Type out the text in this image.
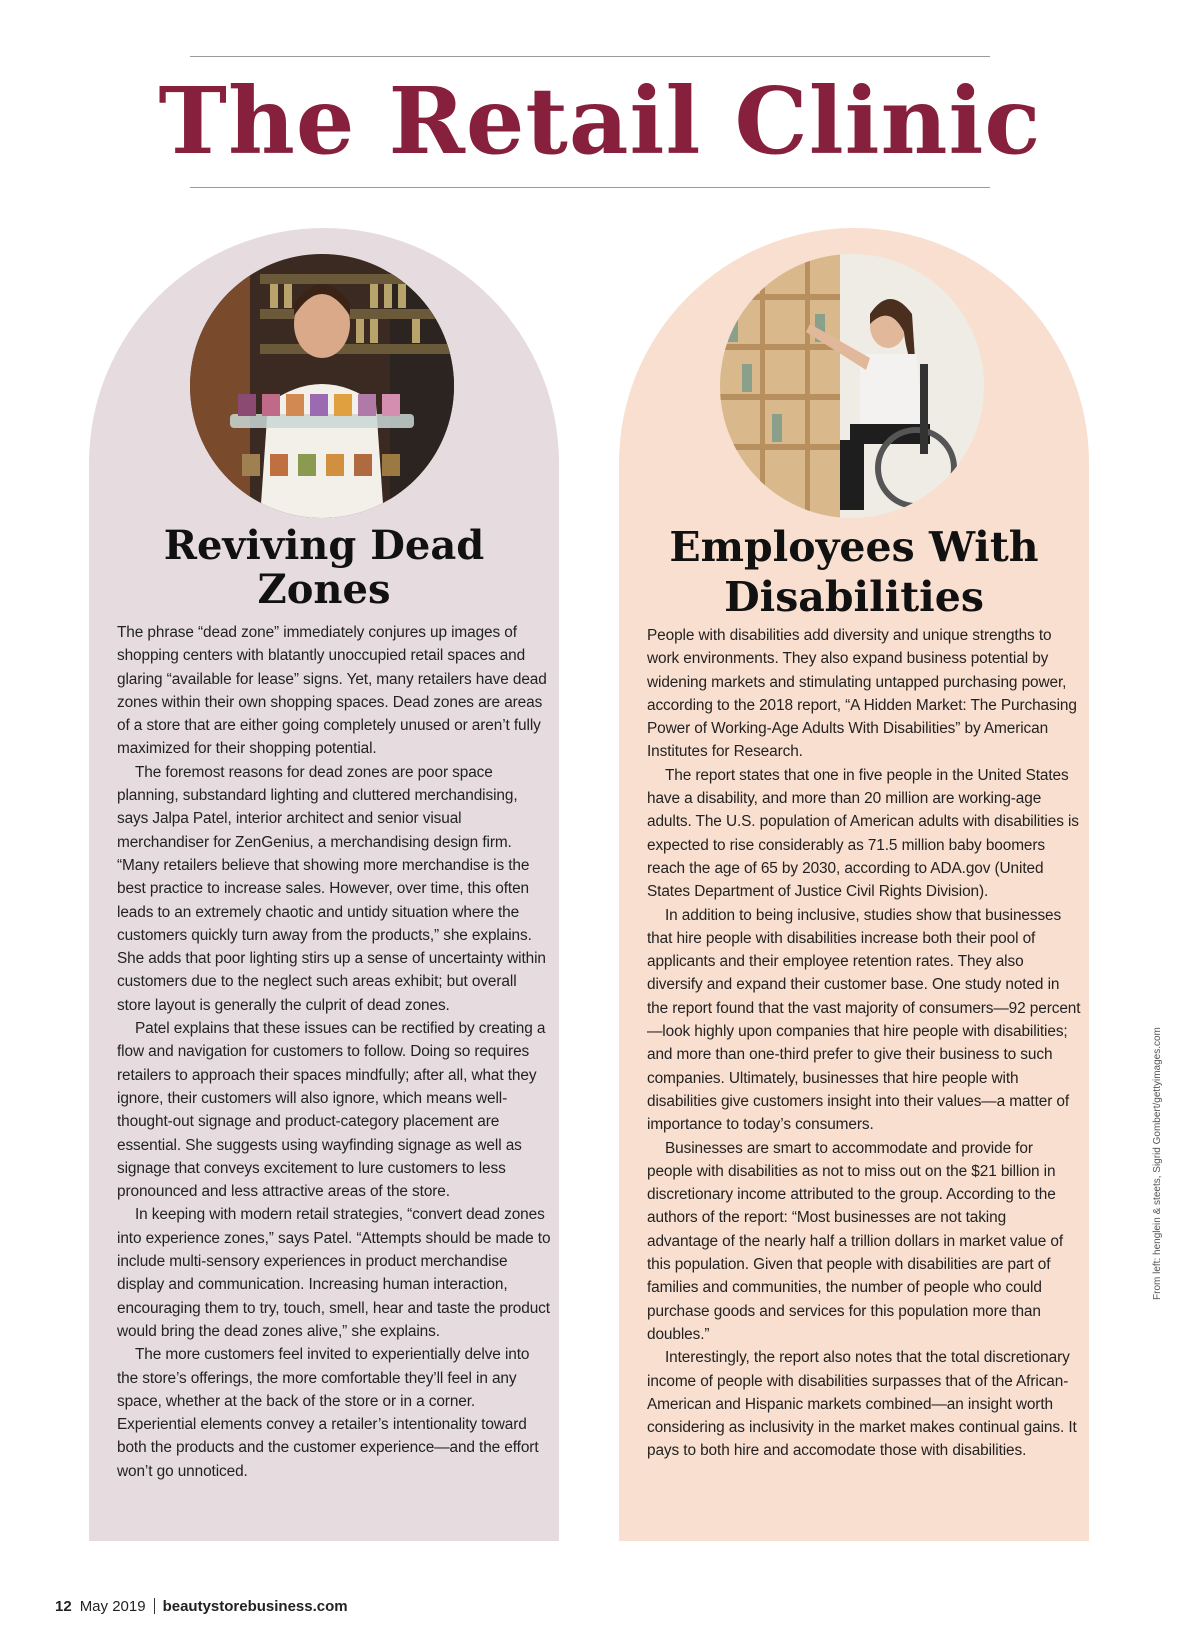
The Retail Clinic
Reviving Dead Zones

The phrase “dead zone” immediately conjures up images of shopping centers with blatantly unoccupied retail spaces and glaring “available for lease” signs. Yet, many retailers have dead zones within their own shopping spaces. Dead zones are areas of a store that are either going completely unused or aren’t fully maximized for their shopping potential.

The foremost reasons for dead zones are poor space planning, substandard lighting and cluttered merchandising, says Jalpa Patel, interior architect and senior visual merchandiser for ZenGenius, a merchandising design firm. “Many retailers believe that showing more merchandise is the best practice to increase sales. However, over time, this often leads to an extremely chaotic and untidy situation where the customers quickly turn away from the products,” she explains. She adds that poor lighting stirs up a sense of uncertainty within customers due to the neglect such areas exhibit; but overall store layout is generally the culprit of dead zones.

Patel explains that these issues can be rectified by creating a flow and navigation for customers to follow. Doing so requires retailers to approach their spaces mindfully; after all, what they ignore, their customers will also ignore, which means well-thought-out signage and product-category placement are essential. She suggests using wayfinding signage as well as signage that conveys excitement to lure customers to less pronounced and less attractive areas of the store.

In keeping with modern retail strategies, “convert dead zones into experience zones,” says Patel. “Attempts should be made to include multi-sensory experiences in product merchandise display and communication. Increasing human interaction, encouraging them to try, touch, smell, hear and taste the product would bring the dead zones alive,” she explains.

The more customers feel invited to experientially delve into the store’s offerings, the more comfortable they’ll feel in any space, whether at the back of the store or in a corner. Experiential elements convey a retailer’s intentionality toward both the products and the customer experience—and the effort won’t go unnoticed.

Employees With Disabilities

People with disabilities add diversity and unique strengths to work environments. They also expand business potential by widening markets and stimulating untapped purchasing power, according to the 2018 report, “A Hidden Market: The Purchasing Power of Working-Age Adults With Disabilities” by American Institutes for Research.

The report states that one in five people in the United States have a disability, and more than 20 million are working-age adults. The U.S. population of American adults with disabilities is expected to rise considerably as 71.5 million baby boomers reach the age of 65 by 2030, according to ADA.gov (United States Department of Justice Civil Rights Division).

In addition to being inclusive, studies show that businesses that hire people with disabilities increase both their pool of applicants and their employee retention rates. They also diversify and expand their customer base. One study noted in the report found that the vast majority of consumers—92 percent—look highly upon companies that hire people with disabilities; and more than one-third prefer to give their business to such companies. Ultimately, businesses that hire people with disabilities give customers insight into their values—a matter of importance to today’s consumers.

Businesses are smart to accommodate and provide for people with disabilities as not to miss out on the $21 billion in discretionary income attributed to the group. According to the authors of the report: “Most businesses are not taking advantage of the nearly half a trillion dollars in market value of this population. Given that people with disabilities are part of families and communities, the number of people who could purchase goods and services for this population more than doubles.”

Interestingly, the report also notes that the total discretionary income of people with disabilities surpasses that of the African-American and Hispanic markets combined—an insight worth considering as inclusivity in the market makes continual gains. It pays to both hire and accomodate those with disabilities.

From left: henglein & steets, Sigrid Gombert/gettyimages.com
12 May 2019 beautystorebusiness.com
